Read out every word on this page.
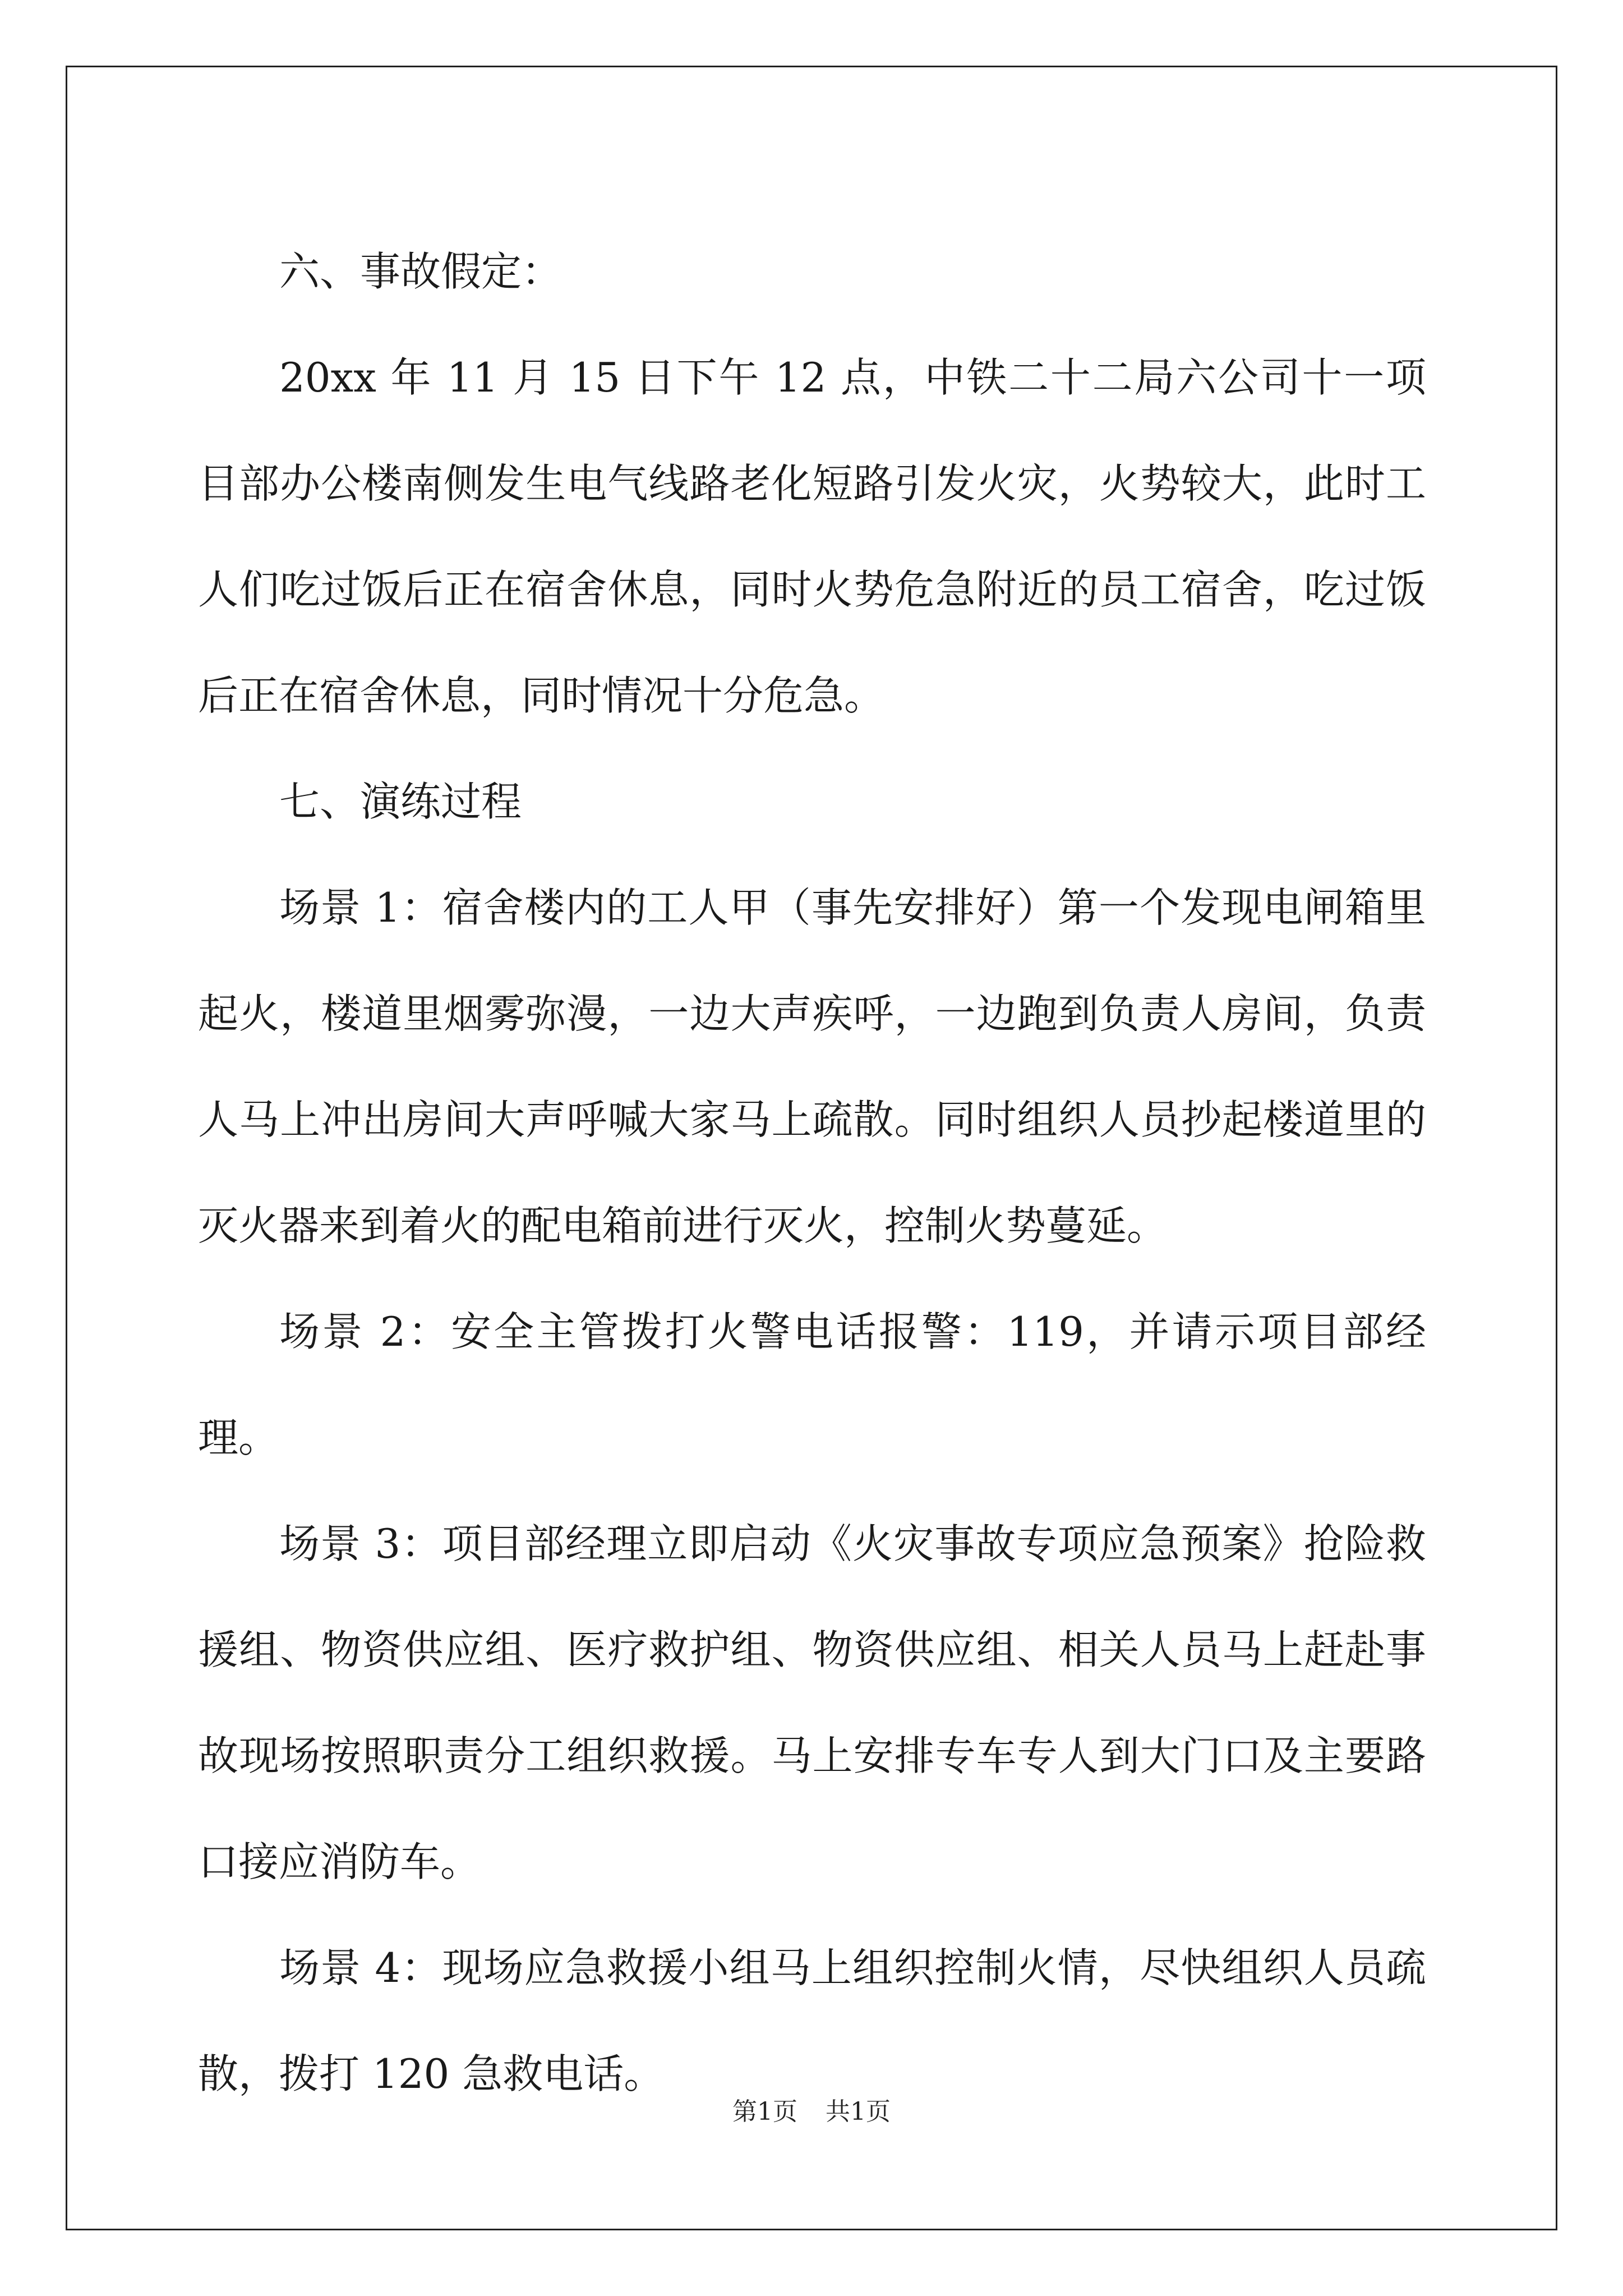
六、事故假定：

20xx 年 11 月 15 日下午 12 点，中铁二十二局六公司十一项目部办公楼南侧发生电气线路老化短路引发火灾，火势较大，此时工人们吃过饭后正在宿舍休息，同时火势危急附近的员工宿舍，吃过饭后正在宿舍休息，同时情况十分危急。

七、演练过程

场景 1：宿舍楼内的工人甲（事先安排好）第一个发现电闸箱里起火，楼道里烟雾弥漫，一边大声疾呼，一边跑到负责人房间，负责人马上冲出房间大声呼喊大家马上疏散。同时组织人员抄起楼道里的灭火器来到着火的配电箱前进行灭火，控制火势蔓延。

场景 2：安全主管拨打火警电话报警：119，并请示项目部经理。

场景 3：项目部经理立即启动《火灾事故专项应急预案》抢险救援组、物资供应组、医疗救护组、物资供应组、相关人员马上赶赴事故现场按照职责分工组织救援。马上安排专车专人到大门口及主要路口接应消防车。

场景 4：现场应急救援小组马上组织控制火情，尽快组织人员疏散，拨打 120 急救电话。

第1页 共1页
